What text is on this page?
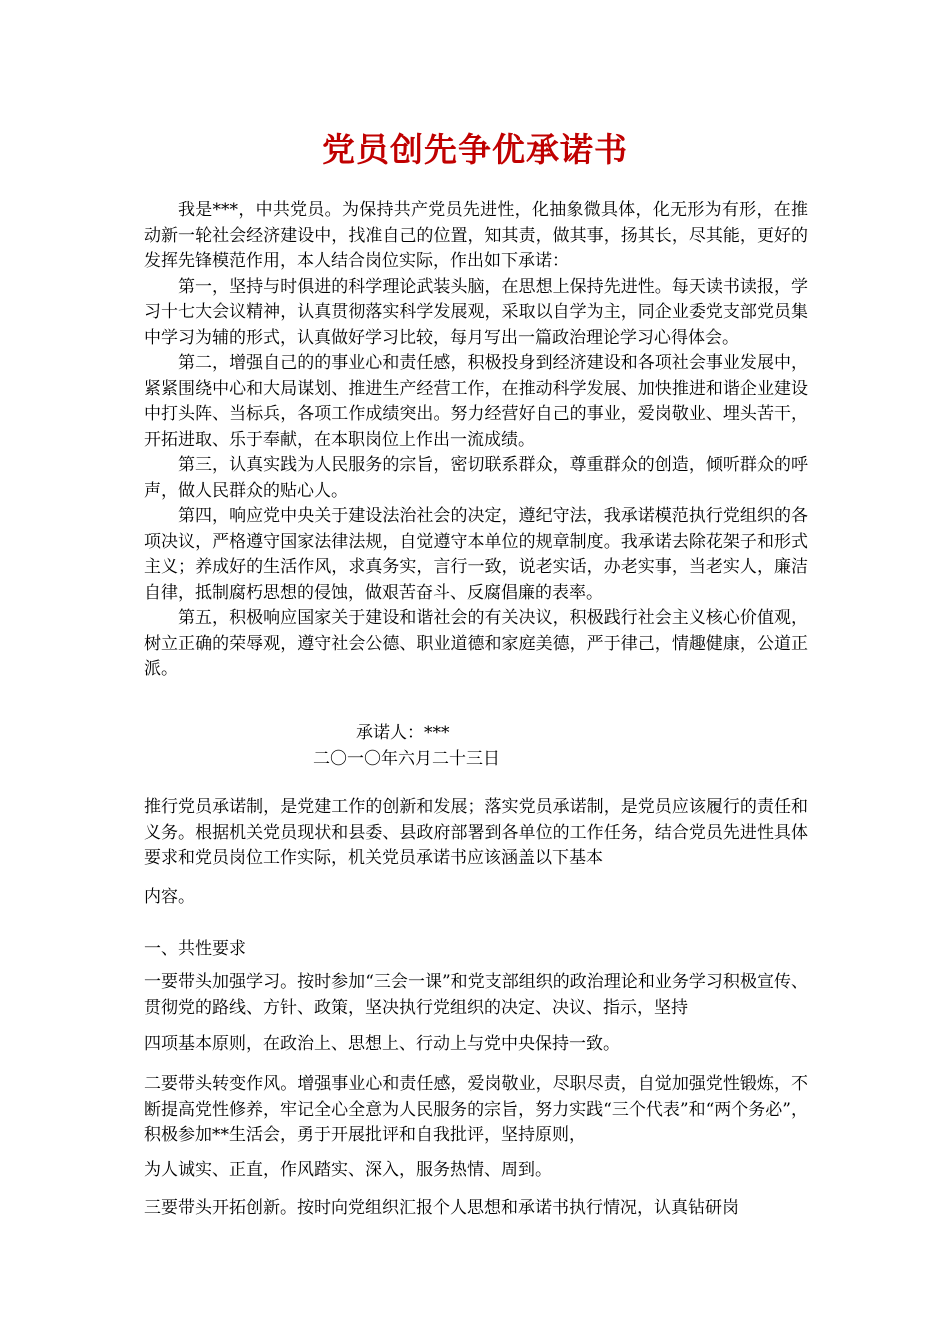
党员创先争优承诺书

我是***，中共党员。为保持共产党员先进性，化抽象微具体，化无形为有形，在推动新一轮社会经济建设中，找准自己的位置，知其责，做其事，扬其长，尽其能，更好的发挥先锋模范作用，本人结合岗位实际，作出如下承诺：

第一，坚持与时俱进的科学理论武装头脑，在思想上保持先进性。每天读书读报，学习十七大会议精神，认真贯彻落实科学发展观，采取以自学为主，同企业委党支部党员集中学习为辅的形式，认真做好学习比较，每月写出一篇政治理论学习心得体会。

第二，增强自己的的事业心和责任感，积极投身到经济建设和各项社会事业发展中，紧紧围绕中心和大局谋划、推进生产经营工作，在推动科学发展、加快推进和谐企业建设中打头阵、当标兵，各项工作成绩突出。努力经营好自己的事业，爱岗敬业、埋头苦干，开拓进取、乐于奉献，在本职岗位上作出一流成绩。

第三，认真实践为人民服务的宗旨，密切联系群众，尊重群众的创造，倾听群众的呼声，做人民群众的贴心人。

第四，响应党中央关于建设法治社会的决定，遵纪守法，我承诺模范执行党组织的各项决议，严格遵守国家法律法规，自觉遵守本单位的规章制度。我承诺去除花架子和形式主义；养成好的生活作风，求真务实，言行一致，说老实话，办老实事，当老实人，廉洁自律，抵制腐朽思想的侵蚀，做艰苦奋斗、反腐倡廉的表率。

第五，积极响应国家关于建设和谐社会的有关决议，积极践行社会主义核心价值观，树立正确的荣辱观，遵守社会公德、职业道德和家庭美德，严于律己，情趣健康，公道正派。

承诺人：***
二〇一〇年六月二十三日

推行党员承诺制，是党建工作的创新和发展；落实党员承诺制，是党员应该履行的责任和义务。根据机关党员现状和县委、县政府部署到各单位的工作任务，结合党员先进性具体要求和党员岗位工作实际，机关党员承诺书应该涵盖以下基本

内容。

一、共性要求

一要带头加强学习。按时参加“三会一课”和党支部组织的政治理论和业务学习积极宣传、贯彻党的路线、方针、政策，坚决执行党组织的决定、决议、指示，坚持

四项基本原则，在政治上、思想上、行动上与党中央保持一致。

二要带头转变作风。增强事业心和责任感，爱岗敬业，尽职尽责，自觉加强党性锻炼，不断提高党性修养，牢记全心全意为人民服务的宗旨，努力实践“三个代表”和“两个务必”，积极参加**生活会，勇于开展批评和自我批评，坚持原则，

为人诚实、正直，作风踏实、深入，服务热情、周到。

三要带头开拓创新。按时向党组织汇报个人思想和承诺书执行情况，认真钻研岗
